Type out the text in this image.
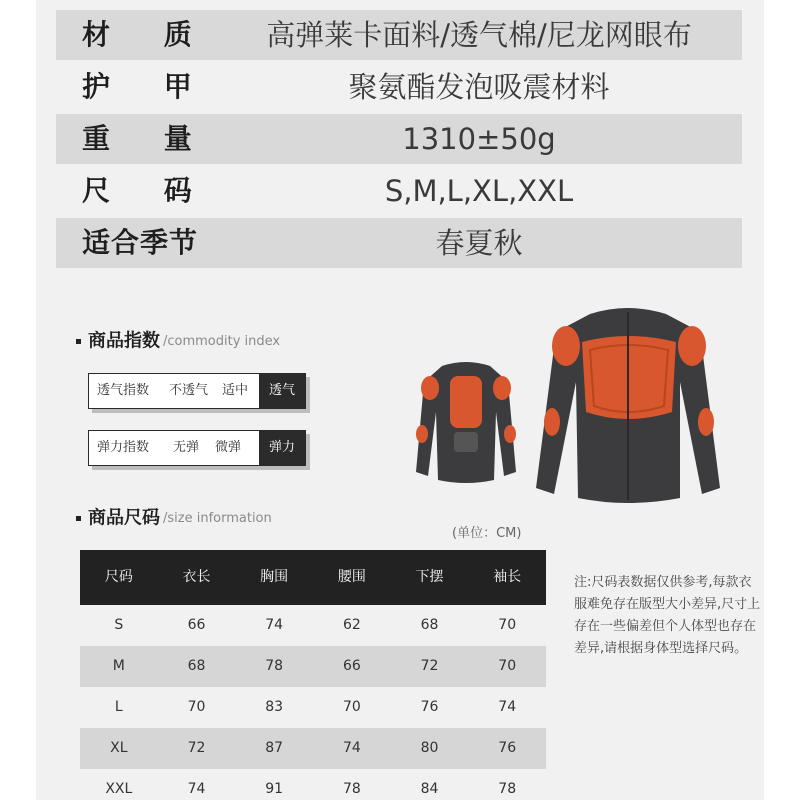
材 质	高弹莱卡面料/透气棉/尼龙网眼布
护 甲	聚氨酯发泡吸震材料
重 量	1310±50g
尺 码	S,M,L,XL,XXL
适合季节	春夏秋
商品指数 /commodity index
透气指数 不透气 适中	透气
弹力指数 无弹 微弹	弹力
商品尺码 /size information
(单位：CM)
尺码	衣长	胸围	腰围	下摆	袖长
S	66	74	62	68	70
M	68	78	66	72	70
L	70	83	70	76	74
XL	72	87	74	80	76
XXL	74	91	78	84	78
注:尺码表数据仅供参考,每款衣服难免存在版型大小差异,尺寸上存在一些偏差但个人体型也存在差异,请根据身体型选择尺码。
